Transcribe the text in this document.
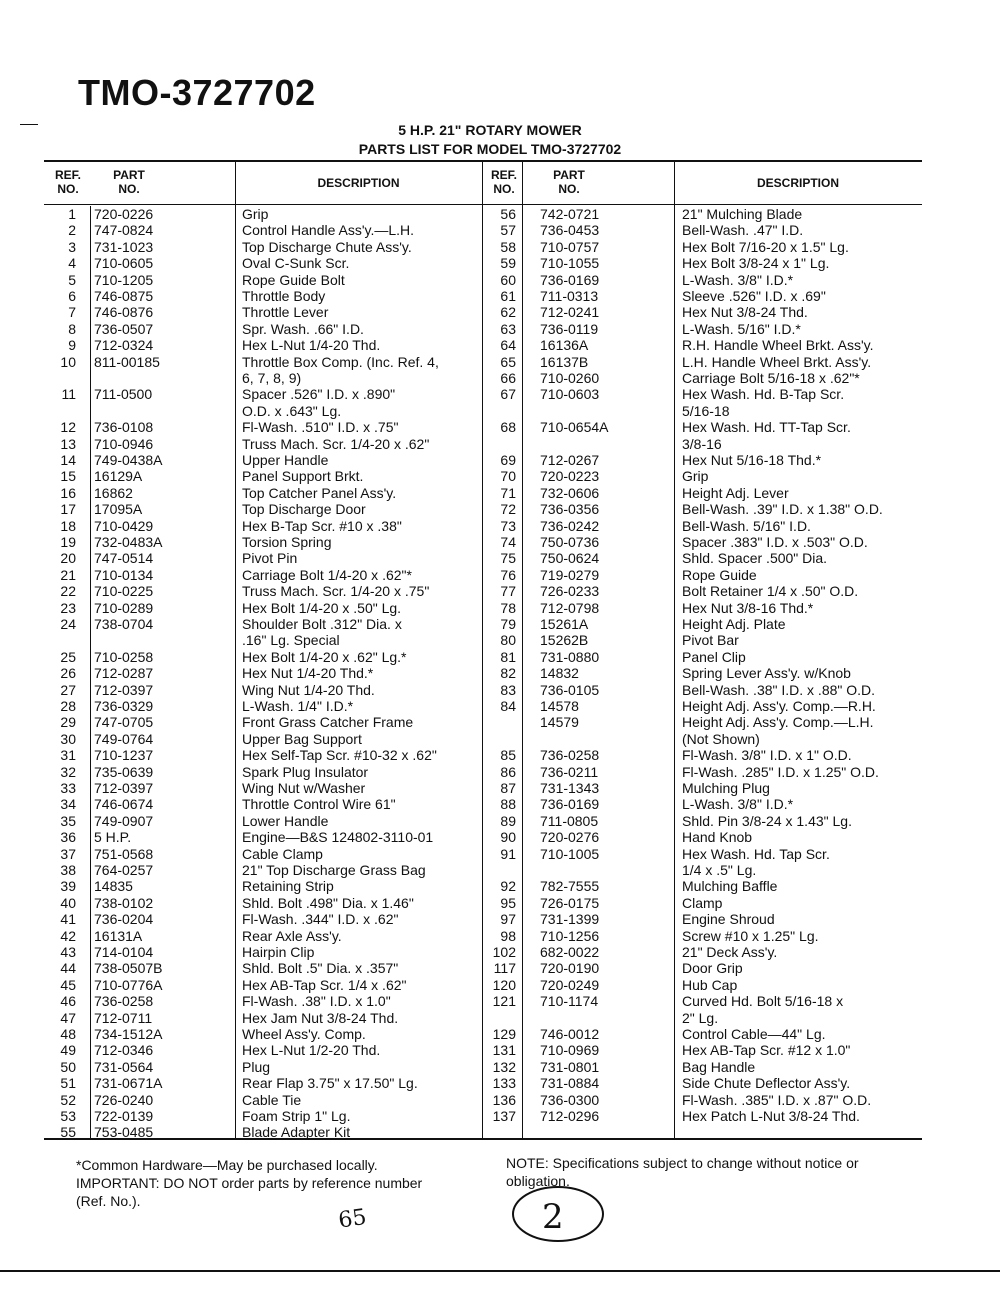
TMO-3727702
5 H.P. 21" ROTARY MOWER
PARTS LIST FOR MODEL TMO-3727702
REF. NO.
PART NO.	DESCRIPTION
REF. NO.
PART NO.	DESCRIPTION
1 720-0226	Grip
2 747-0824	Control Handle Ass'y.—L.H.
3 731-1023	Top Discharge Chute Ass'y.
4 710-0605	Oval C-Sunk Scr.
5 710-1205	Rope Guide Bolt
6 746-0875	Throttle Body
7 746-0876	Throttle Lever
8 736-0507	Spr. Wash. .66" I.D.
9 712-0324	Hex L-Nut 1/4-20 Thd.
10 811-00185	Throttle Box Comp. (Inc. Ref. 4,
6, 7, 8, 9)
11 711-0500	Spacer .526" I.D. x .890"
O.D. x .643" Lg.
12 736-0108	Fl-Wash. .510" I.D. x .75"
13 710-0946	Truss Mach. Scr. 1/4-20 x .62"
14 749-0438A	Upper Handle
15 16129A	Panel Support Brkt.
16 16862	Top Catcher Panel Ass'y.
17 17095A	Top Discharge Door
18 710-0429	Hex B-Tap Scr. #10 x .38"
19 732-0483A	Torsion Spring
20 747-0514	Pivot Pin
21 710-0134	Carriage Bolt 1/4-20 x .62"*
22 710-0225	Truss Mach. Scr. 1/4-20 x .75"
23 710-0289	Hex Bolt 1/4-20 x .50" Lg.
24 738-0704	Shoulder Bolt .312" Dia. x
.16" Lg. Special
25 710-0258	Hex Bolt 1/4-20 x .62" Lg.*
26 712-0287	Hex Nut 1/4-20 Thd.*
27 712-0397	Wing Nut 1/4-20 Thd.
28 736-0329	L-Wash. 1/4" I.D.*
29 747-0705	Front Grass Catcher Frame
30 749-0764	Upper Bag Support
31 710-1237	Hex Self-Tap Scr. #10-32 x .62"
32 735-0639	Spark Plug Insulator
33 712-0397	Wing Nut w/Washer
34 746-0674	Throttle Control Wire 61"
35 749-0907	Lower Handle
36 5 H.P.	Engine—B&S 124802-3110-01
37 751-0568	Cable Clamp
38 764-0257	21" Top Discharge Grass Bag
39 14835	Retaining Strip
40 738-0102	Shld. Bolt .498" Dia. x 1.46"
41 736-0204	Fl-Wash. .344" I.D. x .62"
42 16131A	Rear Axle Ass'y.
43 714-0104	Hairpin Clip
44 738-0507B	Shld. Bolt .5" Dia. x .357"
45 710-0776A	Hex AB-Tap Scr. 1/4 x .62"
46 736-0258	Fl-Wash. .38" I.D. x 1.0"
47 712-0711	Hex Jam Nut 3/8-24 Thd.
48 734-1512A	Wheel Ass'y. Comp.
49 712-0346	Hex L-Nut 1/2-20 Thd.
50 731-0564	Plug
51 731-0671A	Rear Flap 3.75" x 17.50" Lg.
52 726-0240	Cable Tie
53 722-0139	Foam Strip 1" Lg.
55 753-0485	Blade Adapter Kit
56 742-0721	21" Mulching Blade
57 736-0453	Bell-Wash. .47" I.D.
58 710-0757	Hex Bolt 7/16-20 x 1.5" Lg.
59 710-1055	Hex Bolt 3/8-24 x 1" Lg.
60 736-0169	L-Wash. 3/8" I.D.*
61 711-0313	Sleeve .526" I.D. x .69"
62 712-0241	Hex Nut 3/8-24 Thd.
63 736-0119	L-Wash. 5/16" I.D.*
64 16136A	R.H. Handle Wheel Brkt. Ass'y.
65 16137B	L.H. Handle Wheel Brkt. Ass'y.
66 710-0260	Carriage Bolt 5/16-18 x .62"*
67 710-0603	Hex Wash. Hd. B-Tap Scr.
5/16-18
68 710-0654A	Hex Wash. Hd. TT-Tap Scr.
3/8-16
69 712-0267	Hex Nut 5/16-18 Thd.*
70 720-0223	Grip
71 732-0606	Height Adj. Lever
72 736-0356	Bell-Wash. .39" I.D. x 1.38" O.D.
73 736-0242	Bell-Wash. 5/16" I.D.
74 750-0736	Spacer .383" I.D. x .503" O.D.
75 750-0624	Shld. Spacer .500" Dia.
76 719-0279	Rope Guide
77 726-0233	Bolt Retainer 1/4 x .50" O.D.
78 712-0798	Hex Nut 3/8-16 Thd.*
79 15261A	Height Adj. Plate
80 15262B	Pivot Bar
81 731-0880	Panel Clip
82 14832	Spring Lever Ass'y. w/Knob
83 736-0105	Bell-Wash. .38" I.D. x .88" O.D.
84 14578	Height Adj. Ass'y. Comp.—R.H.
14579	Height Adj. Ass'y. Comp.—L.H.
(Not Shown)
85 736-0258	Fl-Wash. 3/8" I.D. x 1" O.D.
86 736-0211	Fl-Wash. .285" I.D. x 1.25" O.D.
87 731-1343	Mulching Plug
88 736-0169	L-Wash. 3/8" I.D.*
89 711-0805	Shld. Pin 3/8-24 x 1.43" Lg.
90 720-0276	Hand Knob
91 710-1005	Hex Wash. Hd. Tap Scr.
1/4 x .5" Lg.
92 782-7555	Mulching Baffle
95 726-0175	Clamp
97 731-1399	Engine Shroud
98 710-1256	Screw #10 x 1.25" Lg.
102 682-0022	21" Deck Ass'y.
117 720-0190	Door Grip
120 720-0249	Hub Cap
121 710-1174	Curved Hd. Bolt 5/16-18 x
2" Lg.
129 746-0012	Control Cable—44" Lg.
131 710-0969	Hex AB-Tap Scr. #12 x 1.0"
132 731-0801	Bag Handle
133 731-0884	Side Chute Deflector Ass'y.
136 736-0300	Fl-Wash. .385" I.D. x .87" O.D.
137 712-0296	Hex Patch L-Nut 3/8-24 Thd.
*Common Hardware—May be purchased locally.
IMPORTANT: DO NOT order parts by reference number (Ref. No.).
NOTE: Specifications subject to change without notice or obligation.
65	2
